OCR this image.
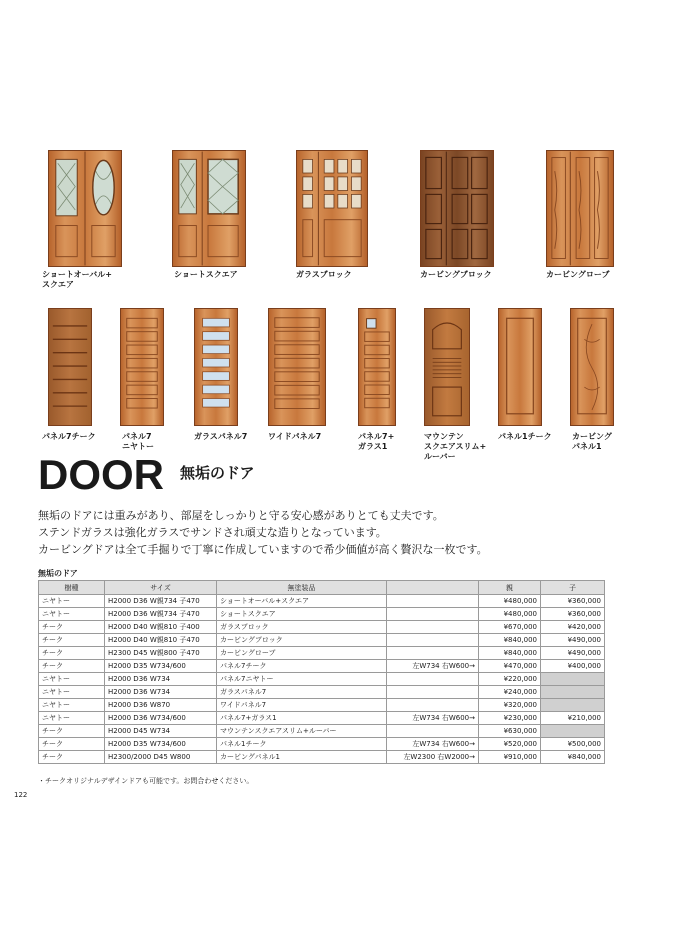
ショートオーバル+
スクエア
ショートスクエア	ガラスブロック	カービングブロック	カービングローブ
パネル7チーク	パネル7
ニヤトー
ガラスパネル7	ワイドパネル7	パネル7+
ガラス1
マウンテン
スクエアスリム+
ルーバー
パネル1チーク	カービング
パネル1
DOOR 無垢のドア
無垢のドアには重みがあり、部屋をしっかりと守る安心感がありとても丈夫です。
ステンドガラスは強化ガラスでサンドされ頑丈な造りとなっています。
カービングドアは全て手掘りで丁寧に作成していますので希少価値が高く贅沢な一枚です。
無垢のドア
樹種	サイズ	無塗装品		親	子
ニヤトー	H2000 D36 W親734 子470	ショートオーバル+スクエア		¥480,000	¥360,000
ニヤトー	H2000 D36 W親734 子470	ショートスクエア		¥480,000	¥360,000
チーク	H2000 D40 W親810 子400	ガラスブロック		¥670,000	¥420,000
チーク	H2000 D40 W親810 子470	カービングブロック		¥840,000	¥490,000
チーク	H2300 D45 W親800 子470	カービングローブ		¥840,000	¥490,000
チーク	H2000 D35 W734/600	パネル7チーク	左W734 右W600→	¥470,000	¥400,000
ニヤトー	H2000 D36 W734	パネル7ニヤトー		¥220,000	
ニヤトー	H2000 D36 W734	ガラスパネル7		¥240,000	
ニヤトー	H2000 D36 W870	ワイドパネル7		¥320,000	
ニヤトー	H2000 D36 W734/600	パネル7+ガラス1	左W734 右W600→	¥230,000	¥210,000
チーク	H2000 D45 W734	マウンテンスクエアスリム+ルーバー		¥630,000	
チーク	H2000 D35 W734/600	パネル1チーク	左W734 右W600→	¥520,000	¥500,000
チーク	H2300/2000 D45 W800	カービングパネル1	左W2300 右W2000→	¥910,000	¥840,000
・チークオリジナルデザインドアも可能です。お問合わせください。
122
